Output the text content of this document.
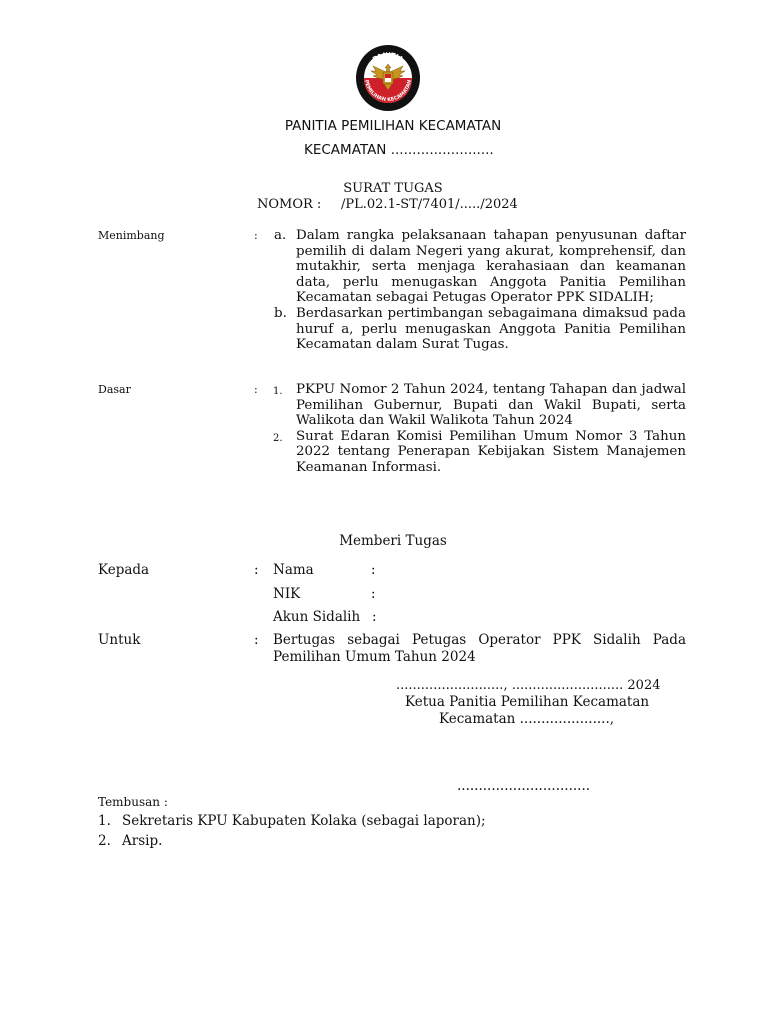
PANITIA
PEMILIHAN KECAMATAN
PANITIA PEMILIHAN KECAMATAN
KECAMATAN ........................
SURAT TUGAS
NOMOR : /PL.02.1-ST/7401/...../2024
Menimbang	: a. Dalam rangka pelaksanaan tahapan penyusunan daftar pemilih di dalam Negeri yang akurat, komprehensif, dan mutakhir, serta menjaga kerahasiaan dan keamanan data, perlu menugaskan Anggota Panitia Pemilihan Kecamatan sebagai Petugas Operator PPK SIDALIH;
b. Berdasarkan pertimbangan sebagaimana dimaksud pada huruf a, perlu menugaskan Anggota Panitia Pemilihan Kecamatan dalam Surat Tugas.
Dasar	: 1.	PKPU Nomor 2 Tahun 2024, tentang Tahapan dan jadwal Pemilihan Gubernur, Bupati dan Wakil Bupati, serta Walikota dan Wakil Walikota Tahun 2024
2.	Surat Edaran Komisi Pemilihan Umum Nomor 3 Tahun 2022 tentang Penerapan Kebijakan Sistem Manajemen Keamanan Informasi.
Memberi Tugas
Kepada	: Nama	:
NIK	:
Akun Sidalih :
Untuk	: Bertugas sebagai Petugas Operator PPK Sidalih Pada Pemilihan Umum Tahun 2024
.........................., ........................... 2024
Ketua Panitia Pemilihan Kecamatan
Kecamatan .....................,
...............................
Tembusan :
1. Sekretaris KPU Kabupaten Kolaka (sebagai laporan);
2. Arsip.
